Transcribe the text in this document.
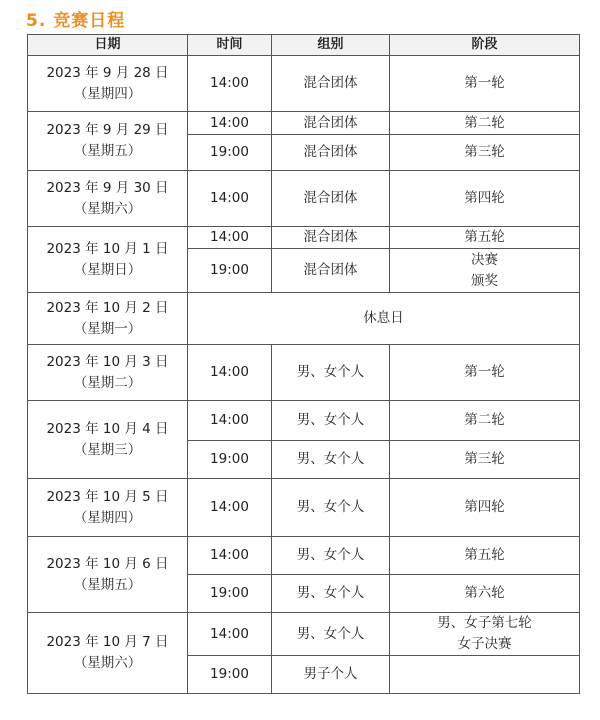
5. 竞赛日程
日期	时间	组别	阶段

2023 年 9 月 28 日
（星期四）	14:00	混合团体	第一轮

2023 年 9 月 29 日
（星期五）	14:00	混合团体	第二轮

	19:00	混合团体	第三轮

2023 年 9 月 30 日
（星期六）	14:00	混合团体	第四轮

2023 年 10 月 1 日
（星期日）	14:00	混合团体	第五轮

	19:00	混合团体	决赛
颁奖

2023 年 10 月 2 日
（星期一）	休息日		

2023 年 10 月 3 日
（星期二）	14:00	男、女个人	第一轮

2023 年 10 月 4 日
（星期三）	14:00	男、女个人	第二轮

	19:00	男、女个人	第三轮

2023 年 10 月 5 日
（星期四）	14:00	男、女个人	第四轮

2023 年 10 月 6 日
（星期五）	14:00	男、女个人	第五轮

	19:00	男、女个人	第六轮

2023 年 10 月 7 日
（星期六）	14:00	男、女个人	男、女子第七轮
女子决赛

	19:00	男子个人	
